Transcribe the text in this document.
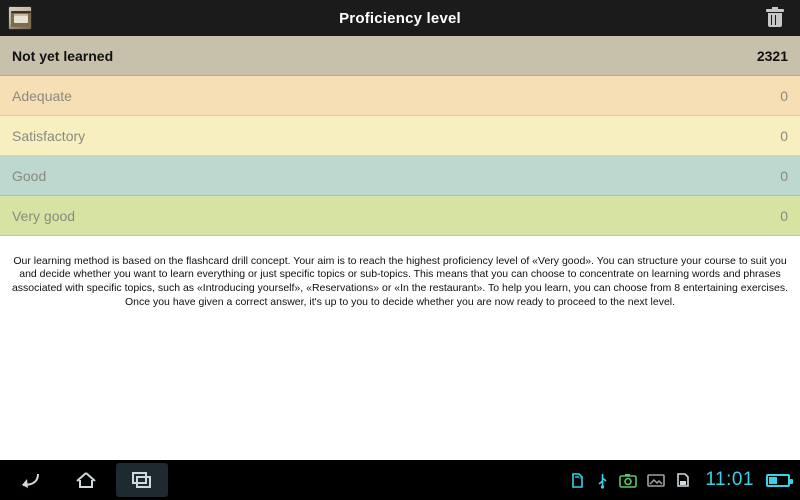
Proficiency level
Not yet learned	2321
Adequate	0
Satisfactory	0
Good	0
Very good	0

Our learning method is based on the flashcard drill concept. Your aim is to reach the highest proficiency level of «Very good». You can structure your course to suit you and decide whether you want to learn everything or just specific topics or sub-topics. This means that you can choose to concentrate on learning words and phrases associated with specific topics, such as «Introducing yourself», «Reservations» or «In the restaurant». To help you learn, you can choose from 8 entertaining exercises. Once you have given a correct answer, it's up to you to decide whether you are now ready to proceed to the next level.

11:01
